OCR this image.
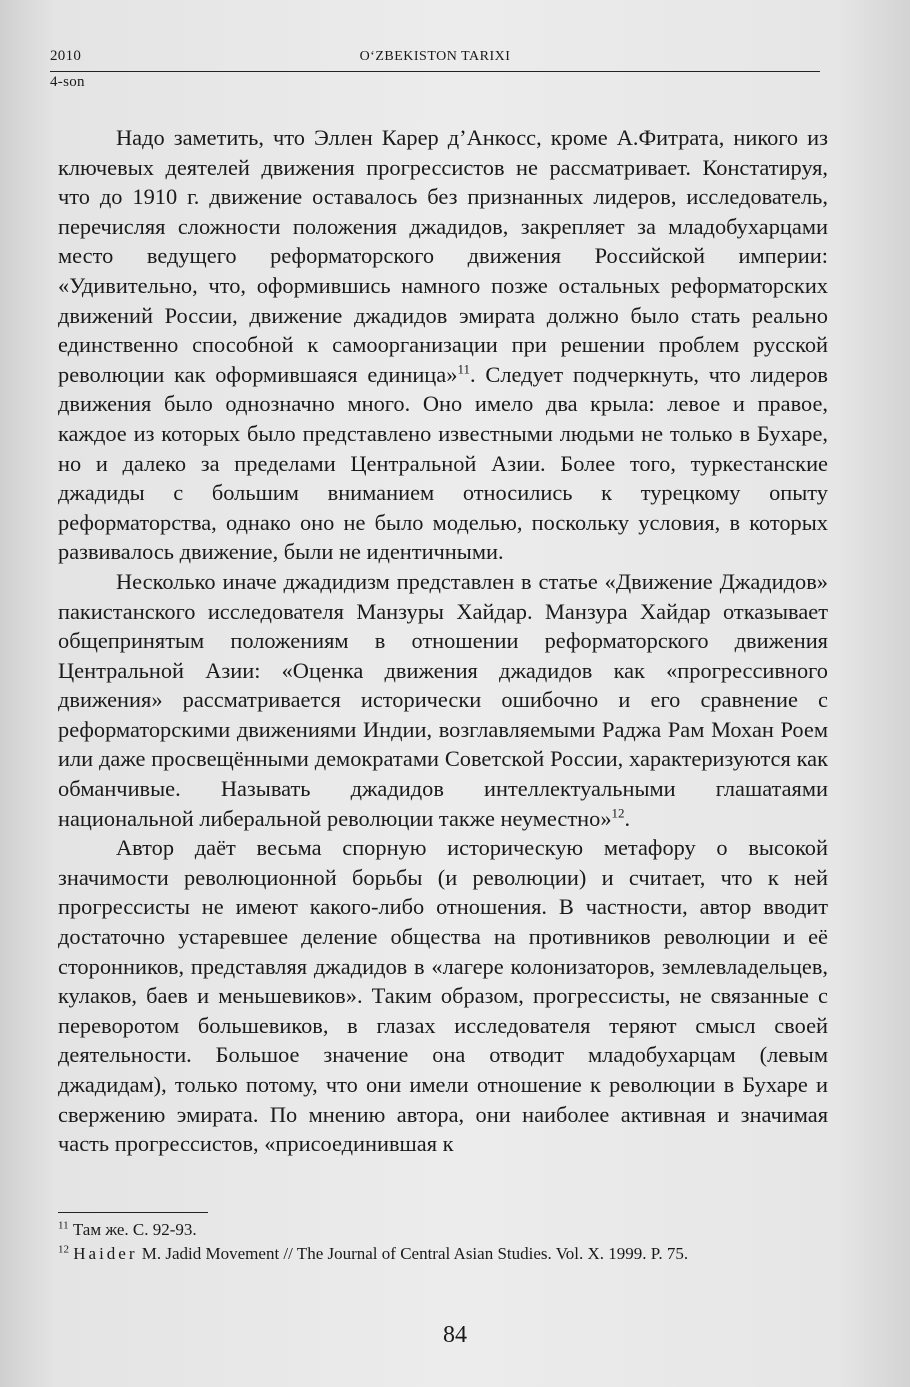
2010	O‘ZBEKISTON TARIXI
4-son

Надо заметить, что Эллен Карер д’Анкосс, кроме А.Фитрата, никого из ключевых деятелей движения прогрессистов не рассматривает. Констатируя, что до 1910 г. движение оставалось без признанных лидеров, исследователь, перечисляя сложности положения джадидов, закрепляет за младобухарцами место ведущего реформаторского движения Российской империи: «Удивительно, что, оформившись намного позже остальных реформаторских движений России, движение джадидов эмирата должно было стать реально единственно способной к самоорганизации при решении проблем русской революции как оформившаяся единица»$^{11}$. Следует подчеркнуть, что лидеров движения было однозначно много. Оно имело два крыла: левое и правое, каждое из которых было представлено известными людьми не только в Бухаре, но и далеко за пределами Центральной Азии. Более того, туркестанские джадиды с большим вниманием относились к турецкому опыту реформаторства, однако оно не было моделью, поскольку условия, в которых развивалось движение, были не идентичными.

Несколько иначе джадидизм представлен в статье «Движение Джадидов» пакистанского исследователя Манзуры Хайдар. Манзура Хайдар отказывает общепринятым положениям в отношении реформаторского движения Центральной Азии: «Оценка движения джадидов как «прогрессивного движения» рассматривается исторически ошибочно и его сравнение с реформаторскими движениями Индии, возглавляемыми Раджа Рам Мохан Роем или даже просвещёнными демократами Советской России, характеризуются как обманчивые. Называть джадидов интеллектуальными глашатаями национальной либеральной революции также неуместно»$^{12}$.

Автор даёт весьма спорную историческую метафору о высокой значимости революционной борьбы (и революции) и считает, что к ней прогрессисты не имеют какого-либо отношения. В частности, автор вводит достаточно устаревшее деление общества на противников революции и её сторонников, представляя джадидов в «лагере колонизаторов, землевладельцев, кулаков, баев и меньшевиков». Таким образом, прогрессисты, не связанные с переворотом большевиков, в глазах исследователя теряют смысл своей деятельности. Большое значение она отводит младобухарцам (левым джадидам), только потому, что они имели отношение к революции в Бухаре и свержению эмирата. По мнению автора, они наиболее активная и значимая часть прогрессистов, «присоединившая к

$^{11}$ Там же. С. 92-93.

$^{12}$ Haider M. Jadid Movement // The Journal of Central Asian Studies. Vol. X. 1999. P. 75.

84
